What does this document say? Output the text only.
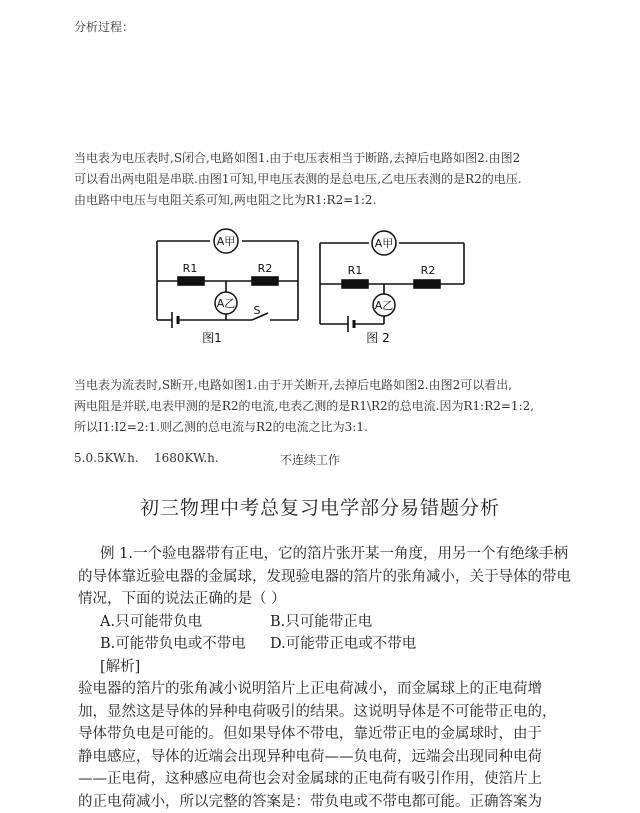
分析过程：
当电表为电压表时,S闭合,电路如图1.由于电压表相当于断路,去掉后电路如图2.由图2
可以看出两电阻是串联.由图1可知,甲电压表测的是总电压,乙电压表测的是R2的电压.
由电路中电压与电阻关系可知,两电阻之比为R1:R2=1:2.
A甲
A乙
R1	R2
S
图1
A甲
A乙
R1	R2
图 2
当电表为流表时,S断开,电路如图1.由于开关断开,去掉后电路如图2.由图2可以看出,
两电阻是并联,电表甲测的是R2的电流,电表乙测的是R1\R2的总电流.因为R1:R2=1:2,
所以I1:I2=2:1.则乙测的总电流与R2的电流之比为3:1.
5.0.5KW.h. 1680KW.h.	不连续工作
初三物理中考总复习电学部分易错题分析
例 1.一个验电器带有正电，它的箔片张开某一角度，用另一个有绝缘手柄
的导体靠近验电器的金属球，发现验电器的箔片的张角减小，关于导体的带电
情况，下面的说法正确的是（ ）
A.只可能带负电	B.只可能带正电
B.可能带负电或不带电 D.可能带正电或不带电
[解析]
验电器的箔片的张角减小说明箔片上正电荷减小，而金属球上的正电荷增
加，显然这是导体的异种电荷吸引的结果。这说明导体是不可能带正电的，
导体带负电是可能的。但如果导体不带电，靠近带正电的金属球时，由于
静电感应，导体的近端会出现异种电荷——负电荷，远端会出现同种电荷
——正电荷，这种感应电荷也会对金属球的正电荷有吸引作用，使箔片上
的正电荷减小，所以完整的答案是：带负电或不带电都可能。正确答案为
